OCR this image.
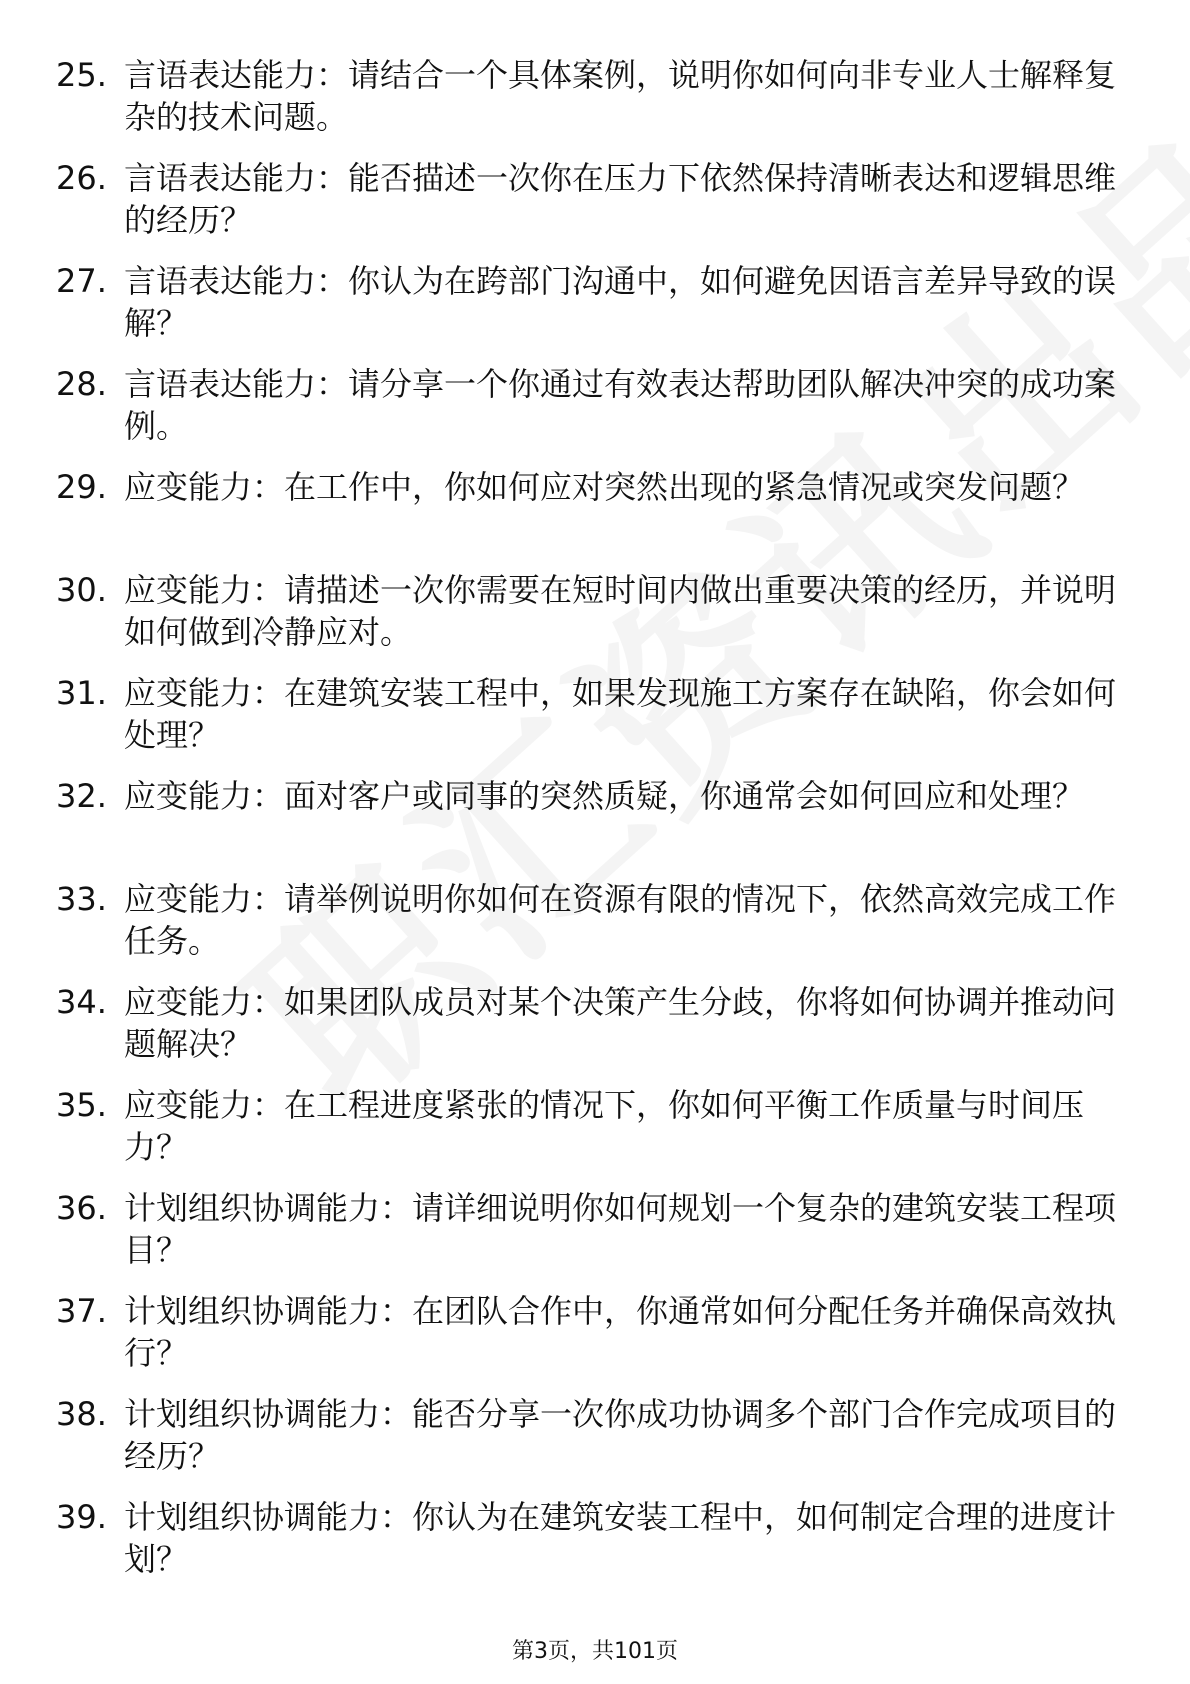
25. 言语表达能力：请结合一个具体案例，说明你如何向非专业人士解释复杂的技术问题。
26. 言语表达能力：能否描述一次你在压力下依然保持清晰表达和逻辑思维的经历？
27. 言语表达能力：你认为在跨部门沟通中，如何避免因语言差异导致的误解？
28. 言语表达能力：请分享一个你通过有效表达帮助团队解决冲突的成功案例。
29. 应变能力：在工作中，你如何应对突然出现的紧急情况或突发问题？
30. 应变能力：请描述一次你需要在短时间内做出重要决策的经历，并说明如何做到冷静应对。
31. 应变能力：在建筑安装工程中，如果发现施工方案存在缺陷，你会如何处理？
32. 应变能力：面对客户或同事的突然质疑，你通常会如何回应和处理？
33. 应变能力：请举例说明你如何在资源有限的情况下，依然高效完成工作任务。
34. 应变能力：如果团队成员对某个决策产生分歧，你将如何协调并推动问题解决？
35. 应变能力：在工程进度紧张的情况下，你如何平衡工作质量与时间压力？
36. 计划组织协调能力：请详细说明你如何规划一个复杂的建筑安装工程项目？
37. 计划组织协调能力：在团队合作中，你通常如何分配任务并确保高效执行？
38. 计划组织协调能力：能否分享一次你成功协调多个部门合作完成项目的经历？
39. 计划组织协调能力：你认为在建筑安装工程中，如何制定合理的进度计划？
第3页，共101页
